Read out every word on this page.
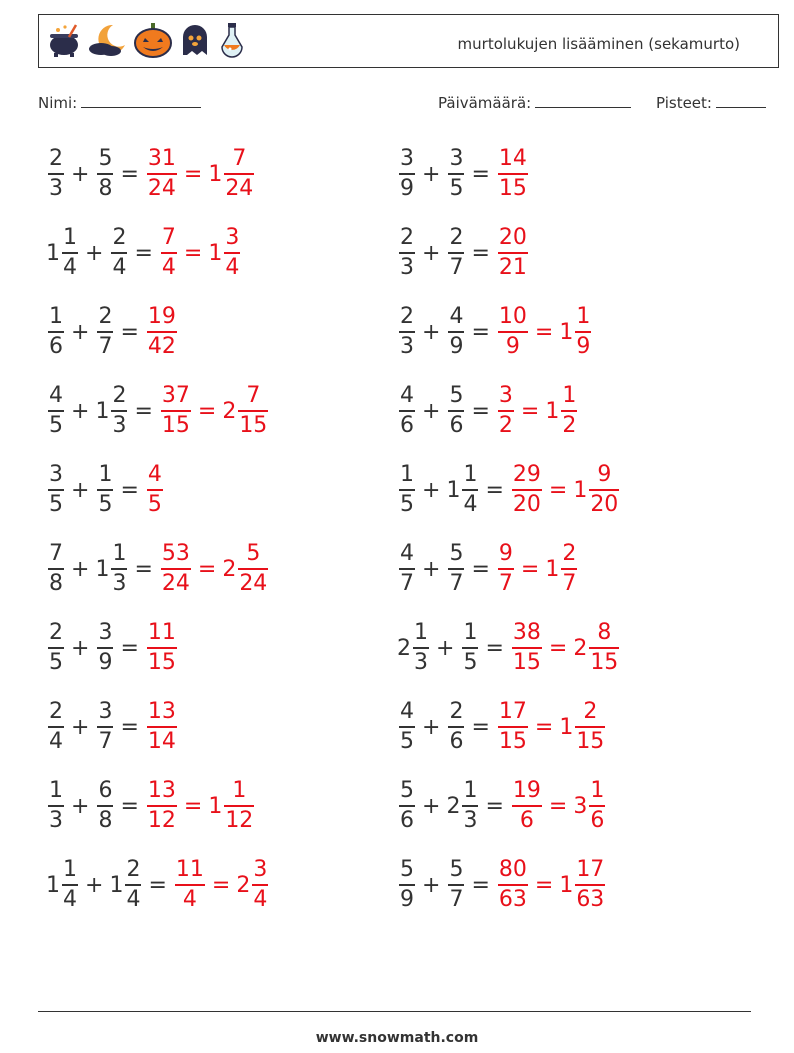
murtolukujen lisääminen (sekamurto)
Nimi:	Päivämäärä:	Pisteet:
$\frac{2}{3} + \frac{5}{8} = \frac{31}{24} = 1 \frac{7}{24}$	$\frac{3}{9} + \frac{3}{5} = \frac{14}{15}$
$1 \frac{1}{4} + \frac{2}{4} = \frac{7}{4} = 1 \frac{3}{4}$	$\frac{2}{3} + \frac{2}{7} = \frac{20}{21}$
$\frac{1}{6} + \frac{2}{7} = \frac{19}{42}$	$\frac{2}{3} + \frac{4}{9} = \frac{10}{9} = 1 \frac{1}{9}$
$\frac{4}{5} + 1 \frac{2}{3} = \frac{37}{15} = 2 \frac{7}{15}$	$\frac{4}{6} + \frac{5}{6} = \frac{3}{2} = 1 \frac{1}{2}$
$\frac{3}{5} + \frac{1}{5} = \frac{4}{5}$	$\frac{1}{5} + 1 \frac{1}{4} = \frac{29}{20} = 1 \frac{9}{20}$
$\frac{7}{8} + 1 \frac{1}{3} = \frac{53}{24} = 2 \frac{5}{24}$	$\frac{4}{7} + \frac{5}{7} = \frac{9}{7} = 1 \frac{2}{7}$
$\frac{2}{5} + \frac{3}{9} = \frac{11}{15}$	$2 \frac{1}{3} + \frac{1}{5} = \frac{38}{15} = 2 \frac{8}{15}$
$\frac{2}{4} + \frac{3}{7} = \frac{13}{14}$	$\frac{4}{5} + \frac{2}{6} = \frac{17}{15} = 1 \frac{2}{15}$
$\frac{1}{3} + \frac{6}{8} = \frac{13}{12} = 1 \frac{1}{12}$	$\frac{5}{6} + 2 \frac{1}{3} = \frac{19}{6} = 3 \frac{1}{6}$
$1 \frac{1}{4} + 1 \frac{2}{4} = \frac{11}{4} = 2 \frac{3}{4}$	$\frac{5}{9} + \frac{5}{7} = \frac{80}{63} = 1 \frac{17}{63}$
www.snowmath.com
